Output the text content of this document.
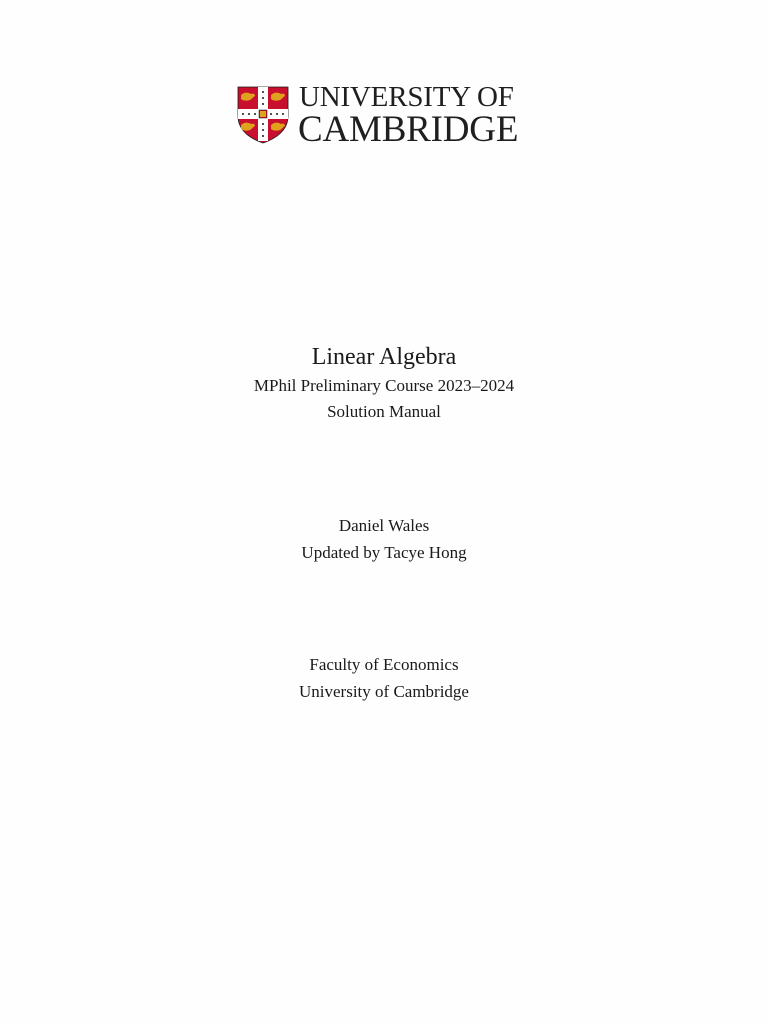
UNIVERSITY OF
CAMBRIDGE

Linear Algebra

MPhil Preliminary Course 2023–2024

Solution Manual

Daniel Wales

Updated by Tacye Hong

Faculty of Economics

University of Cambridge
